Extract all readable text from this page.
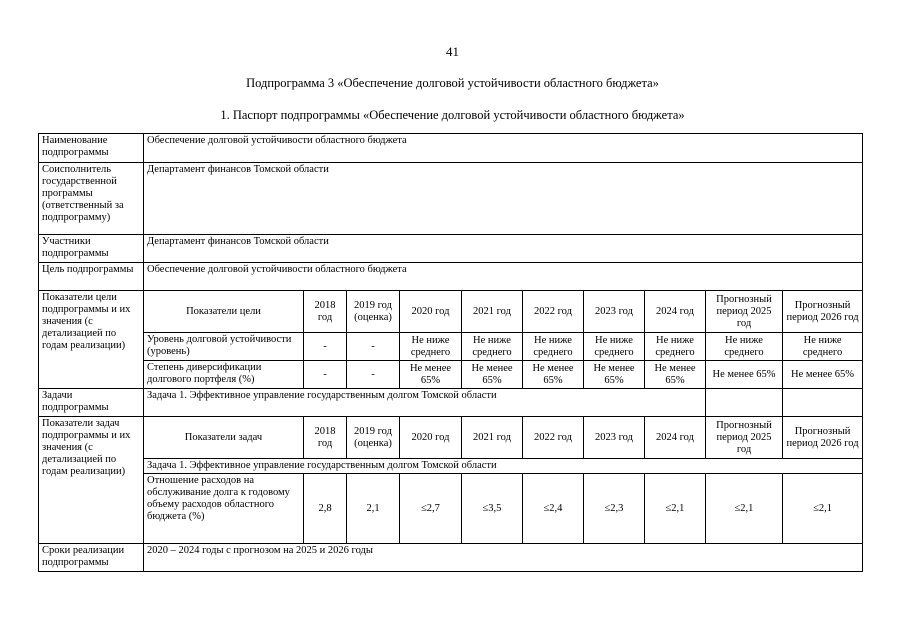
41
Подпрограмма 3 «Обеспечение долговой устойчивости областного бюджета»
1. Паспорт подпрограммы «Обеспечение долговой устойчивости областного бюджета»
Наименование подпрограммы	Обеспечение долговой устойчивости областного бюджета									
Соисполнитель государственной программы (ответственный за подпрограмму)	Департамент финансов Томской области									
Участники подпрограммы	Департамент финансов Томской области									
Цель подпрограммы	Обеспечение долговой устойчивости областного бюджета									
Показатели цели подпрограммы и их значения (с детализацией по годам реализации)	Показатели цели	2018 год	2019 год (оценка)	2020 год	2021 год	2022 год	2023 год	2024 год	Прогнозный период 2025 год	Прогнозный период 2026 год
	Уровень долговой устойчивости (уровень)	-	-	Не ниже среднего	Не ниже среднего	Не ниже среднего	Не ниже среднего	Не ниже среднего	Не ниже среднего	Не ниже среднего
	Степень диверсификации долгового портфеля (%)	-	-	Не менее 65%	Не менее 65%	Не менее 65%	Не менее 65%	Не менее 65%	Не менее 65%	Не менее 65%
Задачи подпрограммы	Задача 1. Эффективное управление государственным долгом Томской области									
Показатели задач подпрограммы и их значения (с детализацией по годам реализации)	Показатели задач	2018 год	2019 год (оценка)	2020 год	2021 год	2022 год	2023 год	2024 год	Прогнозный период 2025 год	Прогнозный период 2026 год
	Задача 1. Эффективное управление государственным долгом Томской области									
	Отношение расходов на обслуживание долга к годовому объему расходов областного бюджета (%)	2,8	2,1	≤2,7	≤3,5	≤2,4	≤2,3	≤2,1	≤2,1	≤2,1
Сроки реализации подпрограммы	2020 – 2024 годы с прогнозом на 2025 и 2026 годы									
